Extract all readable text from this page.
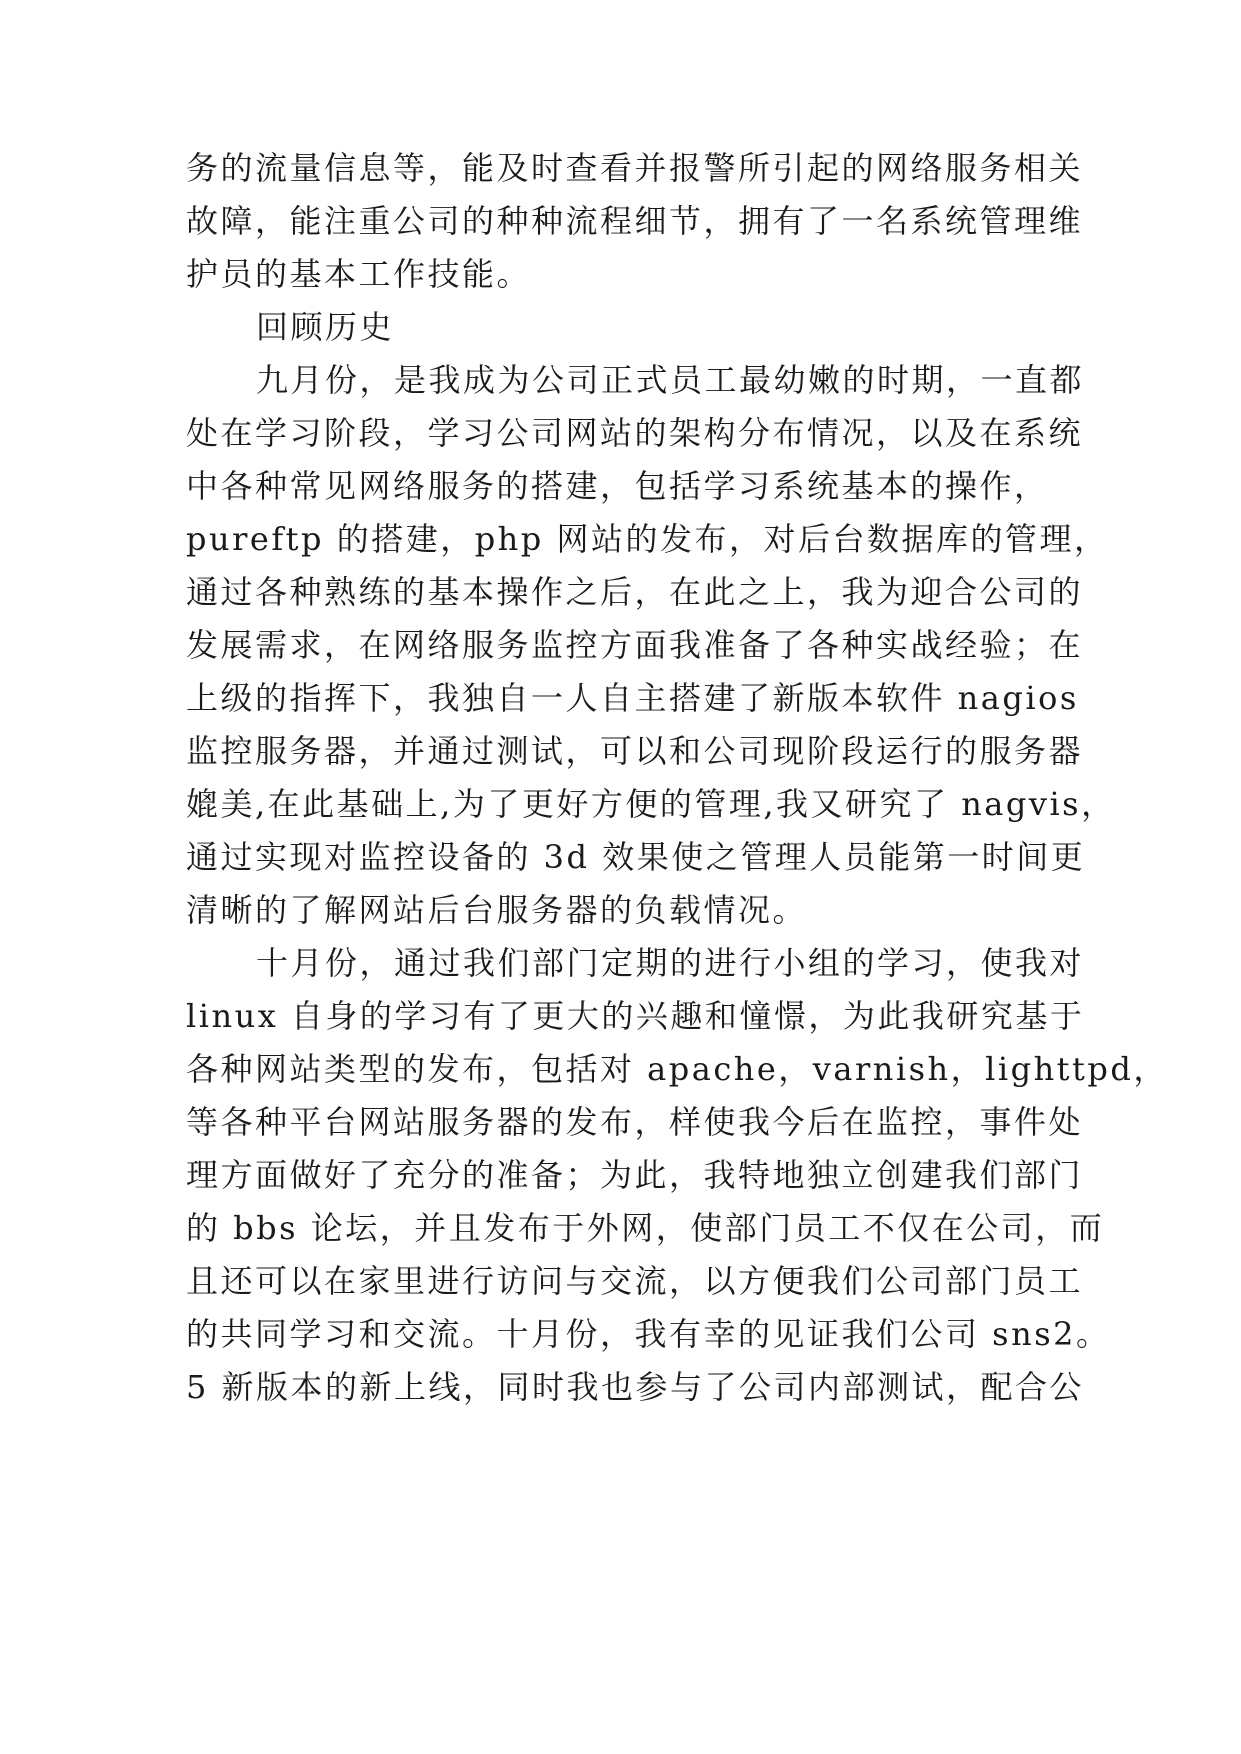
务的流量信息等，能及时查看并报警所引起的网络服务相关
故障，能注重公司的种种流程细节，拥有了一名系统管理维
护员的基本工作技能。
回顾历史
九月份，是我成为公司正式员工最幼嫩的时期，一直都
处在学习阶段，学习公司网站的架构分布情况，以及在系统
中各种常见网络服务的搭建，包括学习系统基本的操作，
pureftp 的搭建，php 网站的发布，对后台数据库的管理，
通过各种熟练的基本操作之后，在此之上，我为迎合公司的
发展需求，在网络服务监控方面我准备了各种实战经验；在
上级的指挥下，我独自一人自主搭建了新版本软件 nagios
监控服务器，并通过测试，可以和公司现阶段运行的服务器
媲美,在此基础上,为了更好方便的管理,我又研究了 nagvis，
通过实现对监控设备的 3d 效果使之管理人员能第一时间更
清晰的了解网站后台服务器的负载情况。
十月份，通过我们部门定期的进行小组的学习，使我对
linux 自身的学习有了更大的兴趣和憧憬，为此我研究基于
各种网站类型的发布，包括对 apache，varnish，lighttpd，
等各种平台网站服务器的发布，样使我今后在监控，事件处
理方面做好了充分的准备；为此，我特地独立创建我们部门
的 bbs 论坛，并且发布于外网，使部门员工不仅在公司，而
且还可以在家里进行访问与交流，以方便我们公司部门员工
的共同学习和交流。十月份，我有幸的见证我们公司 sns2。
5 新版本的新上线，同时我也参与了公司内部测试，配合公
